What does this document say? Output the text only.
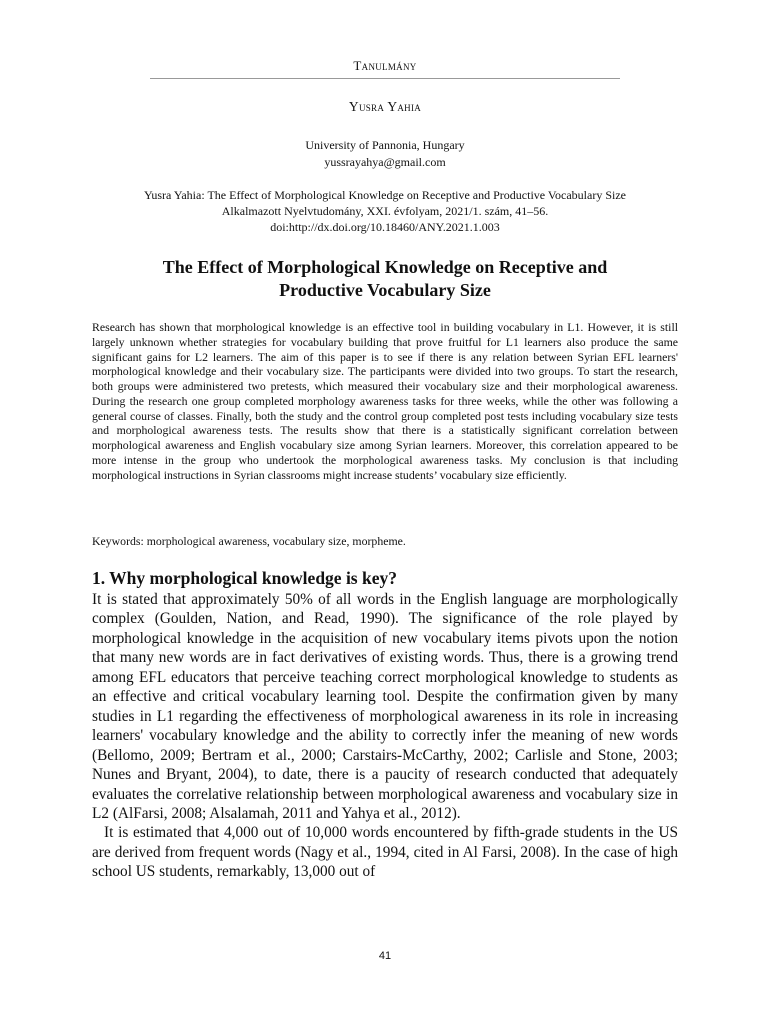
Tanulmány
Yusra Yahia
University of Pannonia, Hungary
yussrayahya@gmail.com
Yusra Yahia: The Effect of Morphological Knowledge on Receptive and Productive Vocabulary Size
Alkalmazott Nyelvtudomány, XXI. évfolyam, 2021/1. szám, 41–56.
doi:http://dx.doi.org/10.18460/ANY.2021.1.003
The Effect of Morphological Knowledge on Receptive and
Productive Vocabulary Size
Research has shown that morphological knowledge is an effective tool in building vocabulary in L1. However, it is still largely unknown whether strategies for vocabulary building that prove fruitful for L1 learners also produce the same significant gains for L2 learners. The aim of this paper is to see if there is any relation between Syrian EFL learners' morphological knowledge and their vocabulary size. The participants were divided into two groups. To start the research, both groups were administered two pretests, which measured their vocabulary size and their morphological awareness. During the research one group completed morphology awareness tasks for three weeks, while the other was following a general course of classes. Finally, both the study and the control group completed post tests including vocabulary size tests and morphological awareness tests. The results show that there is a statistically significant correlation between morphological awareness and English vocabulary size among Syrian learners. Moreover, this correlation appeared to be more intense in the group who undertook the morphological awareness tasks. My conclusion is that including morphological instructions in Syrian classrooms might increase students’ vocabulary size efficiently.
Keywords: morphological awareness, vocabulary size, morpheme.
1. Why morphological knowledge is key?

It is stated that approximately 50% of all words in the English language are morphologically complex (Goulden, Nation, and Read, 1990). The significance of the role played by morphological knowledge in the acquisition of new vocabulary items pivots upon the notion that many new words are in fact derivatives of existing words. Thus, there is a growing trend among EFL educators that perceive teaching correct morphological knowledge to students as an effective and critical vocabulary learning tool. Despite the confirmation given by many studies in L1 regarding the effectiveness of morphological awareness in its role in increasing learners' vocabulary knowledge and the ability to correctly infer the meaning of new words (Bellomo, 2009; Bertram et al., 2000; Carstairs-McCarthy, 2002; Carlisle and Stone, 2003; Nunes and Bryant, 2004), to date, there is a paucity of research conducted that adequately evaluates the correlative relationship between morphological awareness and vocabulary size in L2 (AlFarsi, 2008; Alsalamah, 2011 and Yahya et al., 2012).

It is estimated that 4,000 out of 10,000 words encountered by fifth-grade students in the US are derived from frequent words (Nagy et al., 1994, cited in Al Farsi, 2008). In the case of high school US students, remarkably, 13,000 out of

41
